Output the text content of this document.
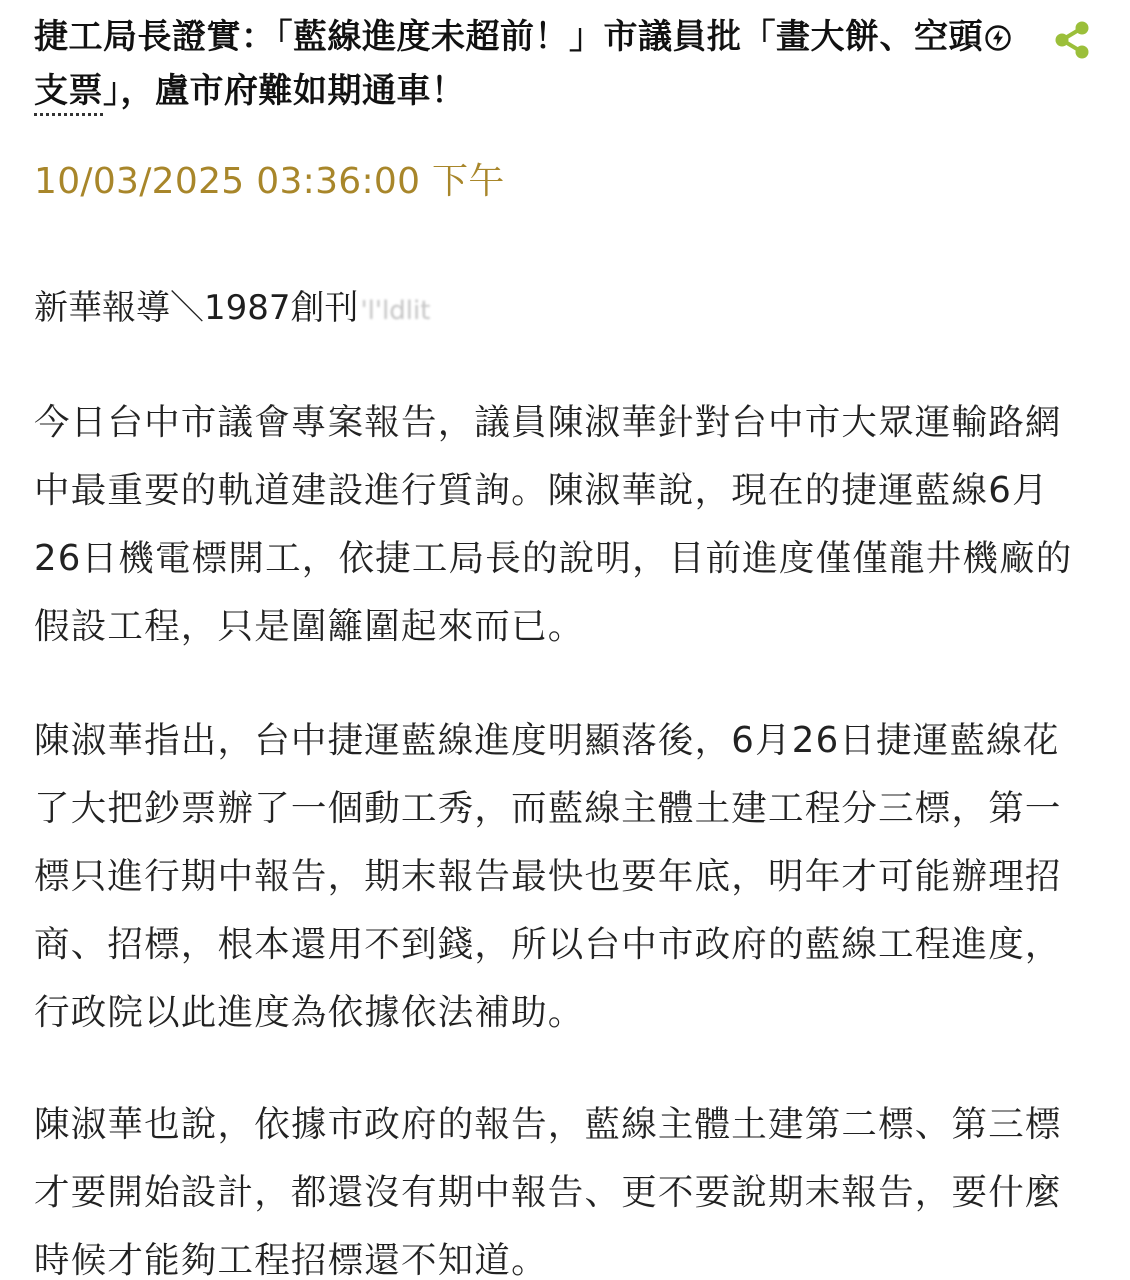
捷工局長證實：「藍線進度未超前！」市議員批「畫大餅、空頭 支票」，盧市府難如期通車！
10/03/2025 03:36:00 下午
新華報導＼1987創刊'l'ldlit

今日台中市議會專案報告，議員陳淑華針對台中市大眾運輸路網中最重要的軌道建設進行質詢。陳淑華說，現在的捷運藍線6月26日機電標開工，依捷工局長的說明，目前進度僅僅龍井機廠的假設工程，只是圍籬圍起來而已。

陳淑華指出，台中捷運藍線進度明顯落後，6月26日捷運藍線花了大把鈔票辦了一個動工秀，而藍線主體土建工程分三標，第一標只進行期中報告，期末報告最快也要年底，明年才可能辦理招商、招標，根本還用不到錢，所以台中市政府的藍線工程進度，行政院以此進度為依據依法補助。

陳淑華也說，依據市政府的報告，藍線主體土建第二標、第三標才要開始設計，都還沒有期中報告、更不要說期末報告，要什麼時候才能夠工程招標還不知道。
